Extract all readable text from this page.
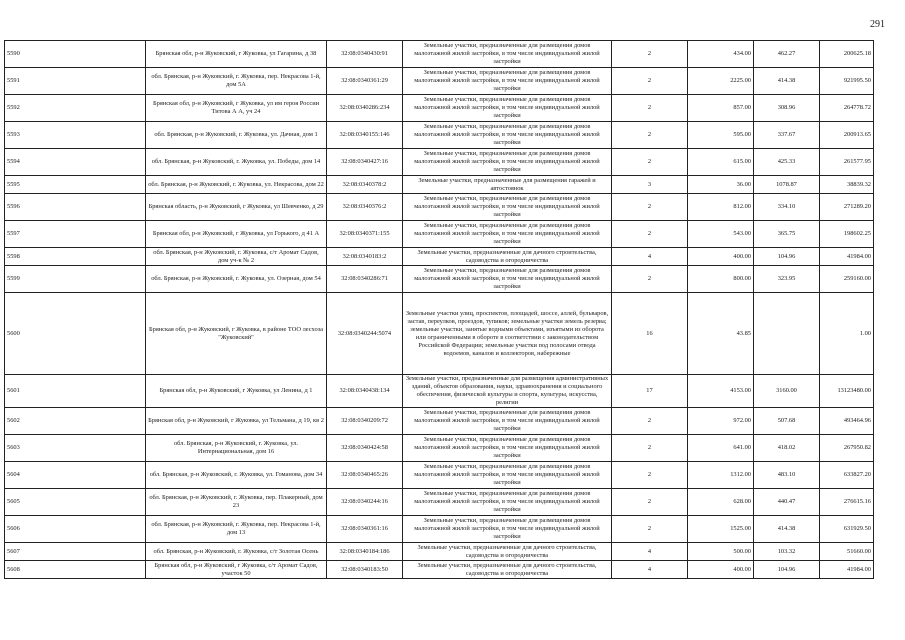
291
5590	Брянская обл, р-н Жуковский, г Жуковка, ул Гагарина, д 38	32:08:0340430:91	Земельные участки, предназначенные для размещения домов малоэтажной жилой застройки, в том числе индивидуальной жилой застройки	2	434.00	462.27	200625.18
5591	обл. Брянская, р-н Жуковский, г. Жуковка, пер. Некрасова 1-й, дом 5А	32:08:0340361:29	Земельные участки, предназначенные для размещения домов малоэтажной жилой застройки, в том числе индивидуальной жилой застройки	2	2225.00	414.38	921995.50
5592	Брянская обл, р-н Жуковский, г Жуковка, ул им героя России Титова А А, уч 24	32:08:0340286:234	Земельные участки, предназначенные для размещения домов малоэтажной жилой застройки, в том числе индивидуальной жилой застройки	2	857.00	308.96	264778.72
5593	обл. Брянская, р-н Жуковский, г. Жуковка, ул. Дачная, дом 1	32:08:0340155:146	Земельные участки, предназначенные для размещения домов малоэтажной жилой застройки, в том числе индивидуальной жилой застройки	2	595.00	337.67	200913.65
5594	обл. Брянская, р-н Жуковский, г. Жуковка, ул. Победы, дом 14	32:08:0340427:16	Земельные участки, предназначенные для размещения домов малоэтажной жилой застройки, в том числе индивидуальной жилой застройки	2	615.00	425.33	261577.95
5595	обл. Брянская, р-н Жуковский, г. Жуковка, ул. Некрасова, дом 22	32:08:0340378:2	Земельные участки, предназначенные для размещения гаражей и автостоянок	3	36.00	1078.87	38839.32
5596	Брянская область, р-н Жуковский, г Жуковка, ул Шевченко, д 29	32:08:0340376:2	Земельные участки, предназначенные для размещения домов малоэтажной жилой застройки, в том числе индивидуальной жилой застройки	2	812.00	334.10	271289.20
5597	Брянская обл, р-н Жуковский, г Жуковка, ул Горького, д 41 А	32:08:0340371:155	Земельные участки, предназначенные для размещения домов малоэтажной жилой застройки, в том числе индивидуальной жилой застройки	2	543.00	365.75	198602.25
5598	обл. Брянская, р-н Жуковский, г. Жуковка, с/т Аромат Садов, дом уч-к № 2	32:08:0340183:2	Земельные участки, предназначенные для дачного строительства, садоводства и огородничества	4	400.00	104.96	41984.00
5599	обл. Брянская, р-н Жуковский, г. Жуковка, ул. Озерная, дом 54	32:08:0340286:71	Земельные участки, предназначенные для размещения домов малоэтажной жилой застройки, в том числе индивидуальной жилой застройки	2	800.00	323.95	259160.00
5600	Брянская обл, р-н Жуковский, г Жуковка, в районе ТОО лесхоза "Жуковский"	32:08:0340244:5074	Земельные участки улиц, проспектов, площадей, шоссе, аллей, бульваров, застав, переулков, проездов, тупиков; земельные участки земель резерва; земельные участки, занятые водными объектами, изъятыми из оборота или ограниченными в обороте в соответствии с законодательством Российской Федерации; земельные участки под полосами отвода водоемов, каналов и коллекторов, набережные	16	43.85		1.00
5601	Брянская обл, р-н Жуковский, г Жуковка, ул Ленина, д 1	32:08:0340438:134	Земельные участки, предназначенные для размещения административных зданий, объектов образования, науки, здравоохранения и социального обеспечения, физической культуры и спорта, культуры, искусства, религии	17	4153.00	3160.00	13123480.00
5602	Брянская обл, р-н Жуковский, г Жуковка, ул Тельмана, д 19, кв 2	32:08:0340209:72	Земельные участки, предназначенные для размещения домов малоэтажной жилой застройки, в том числе индивидуальной жилой застройки	2	972.00	507.68	493464.96
5603	обл. Брянская, р-н Жуковский, г. Жуковка, ул. Интернациональная, дом 16	32:08:0340424:58	Земельные участки, предназначенные для размещения домов малоэтажной жилой застройки, в том числе индивидуальной жилой застройки	2	641.00	418.02	267950.82
5604	обл. Брянская, р-н Жуковский, г. Жуковка, ул. Гоманова, дом 34	32:08:0340465:26	Земельные участки, предназначенные для размещения домов малоэтажной жилой застройки, в том числе индивидуальной жилой застройки	2	1312.00	483.10	633827.20
5605	обл. Брянская, р-н Жуковский, г. Жуковка, пер. Плакерный, дом 23	32:08:0340244:16	Земельные участки, предназначенные для размещения домов малоэтажной жилой застройки, в том числе индивидуальной жилой застройки	2	628.00	440.47	276615.16
5606	обл. Брянская, р-н Жуковский, г. Жуковка, пер. Некрасова 1-й, дом 13	32:08:0340361:16	Земельные участки, предназначенные для размещения домов малоэтажной жилой застройки, в том числе индивидуальной жилой застройки	2	1525.00	414.38	631929.50
5607	обл. Брянская, р-н Жуковский, г. Жуковка, с/т Золотая Осень	32:08:0340184:186	Земельные участки, предназначенные для дачного строительства, садоводства и огородничества	4	500.00	103.32	51660.00
5608	Брянская обл, р-н Жуковский, г Жуковка, с/т Аромат Садов, участок 50	32:08:0340183:50	Земельные участки, предназначенные для дачного строительства, садоводства и огородничества	4	400.00	104.96	41984.00
